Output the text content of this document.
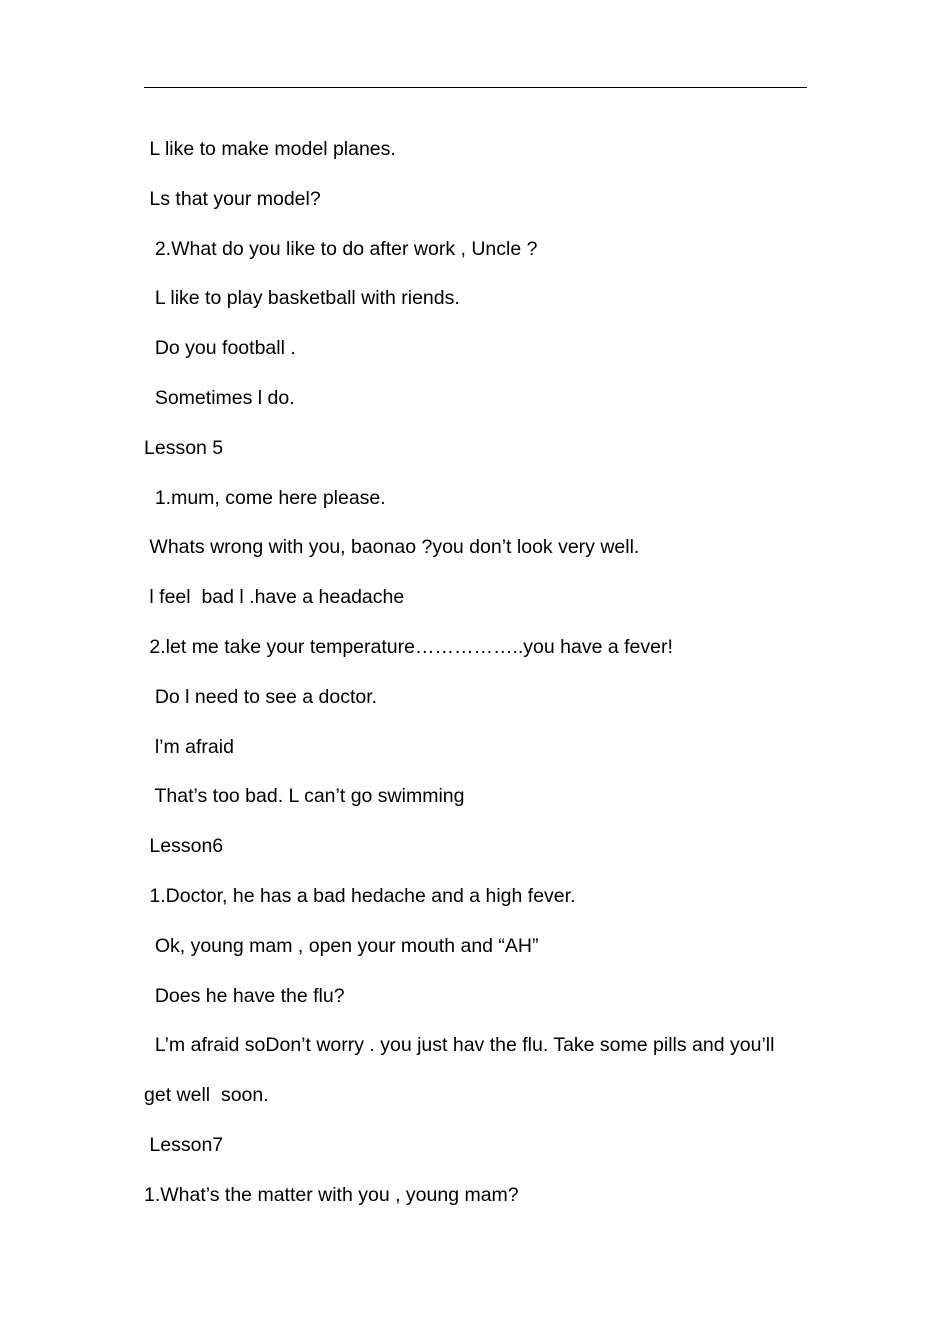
L like to make model planes.

Ls that your model?

2.What do you like to do after work , Uncle ?

L like to play basketball with riends.

Do you football .

Sometimes l do.

Lesson 5

1.mum, come here please.

Whats wrong with you, baonao ?you don’t look very well.

l feel  bad l .have a headache

2.let me take your temperature……………..you have a fever!

Do l need to see a doctor.

l’m afraid

That’s too bad. L can’t go swimming

Lesson6

1.Doctor, he has a bad hedache and a high fever.

Ok, young mam , open your mouth and “AH”

Does he have the flu?

L’m afraid soDon’t worry . you just hav the flu. Take some pills and you’ll

get well  soon.

Lesson7

1.What’s the matter with you , young mam?
